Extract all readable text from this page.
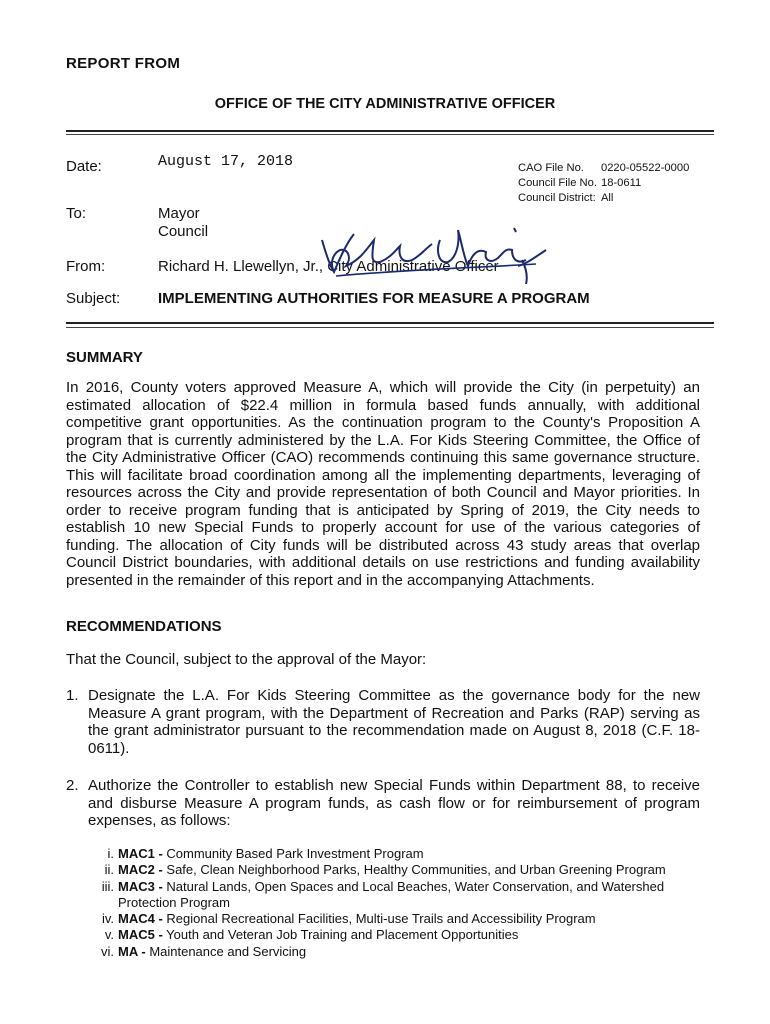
REPORT FROM
OFFICE OF THE CITY ADMINISTRATIVE OFFICER
Date:	August 17, 2018	CAO File No.	0220-05522-0000
Council File No.	18-0611
Council District:	All
To:	Mayor
Council
From:	Richard H. Llewellyn, Jr., City Administrative Officer
Subject:	IMPLEMENTING AUTHORITIES FOR MEASURE A PROGRAM
SUMMARY
In 2016, County voters approved Measure A, which will provide the City (in perpetuity) an estimated allocation of $22.4 million in formula based funds annually, with additional competitive grant opportunities. As the continuation program to the County's Proposition A program that is currently administered by the L.A. For Kids Steering Committee, the Office of the City Administrative Officer (CAO) recommends continuing this same governance structure. This will facilitate broad coordination among all the implementing departments, leveraging of resources across the City and provide representation of both Council and Mayor priorities. In order to receive program funding that is anticipated by Spring of 2019, the City needs to establish 10 new Special Funds to properly account for use of the various categories of funding. The allocation of City funds will be distributed across 43 study areas that overlap Council District boundaries, with additional details on use restrictions and funding availability presented in the remainder of this report and in the accompanying Attachments.
RECOMMENDATIONS
That the Council, subject to the approval of the Mayor:
1. Designate the L.A. For Kids Steering Committee as the governance body for the new Measure A grant program, with the Department of Recreation and Parks (RAP) serving as the grant administrator pursuant to the recommendation made on August 8, 2018 (C.F. 18-0611).
2. Authorize the Controller to establish new Special Funds within Department 88, to receive and disburse Measure A program funds, as cash flow or for reimbursement of program expenses, as follows:
i. MAC1 - Community Based Park Investment Program
ii. MAC2 - Safe, Clean Neighborhood Parks, Healthy Communities, and Urban Greening Program
iii. MAC3 - Natural Lands, Open Spaces and Local Beaches, Water Conservation, and Watershed Protection Program
iv. MAC4 - Regional Recreational Facilities, Multi-use Trails and Accessibility Program
v. MAC5 - Youth and Veteran Job Training and Placement Opportunities
vi. MA - Maintenance and Servicing
